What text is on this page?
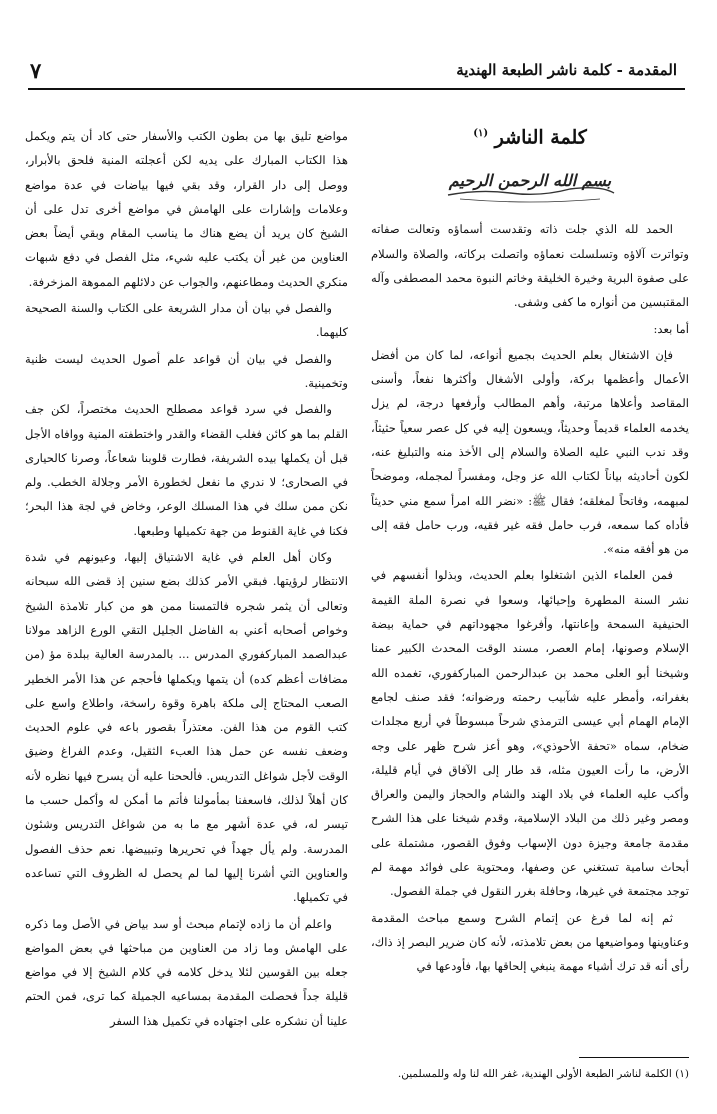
المقدمة - كلمة ناشر الطبعة الهندية
٧
كلمة الناشر $^{(١)}$
بسم الله الرحمن الرحيم

الحمد لله الذي جلت ذاته وتقدست أسماؤه وتعالت صفاته وتواترت آلاؤه وتسلسلت نعماؤه واتصلت بركاته، والصلاة والسلام على صفوة البرية وخيرة الخليقة وخاتم النبوة محمد المصطفى وآله المقتبسين من أنواره ما كفى وشفى.

أما بعد:

فإن الاشتغال بعلم الحديث بجميع أنواعه، لما كان من أفضل الأعمال وأعظمها بركة، وأولى الأشغال وأكثرها نفعاً، وأسنى المقاصد وأعلاها مرتبة، وأهم المطالب وأرفعها درجة، لم يزل يخدمه العلماء قديماً وحديثاً، ويسعون إليه في كل عصر سعياً حثيثاً، وقد ندب النبي عليه الصلاة والسلام إلى الأخذ منه والتبليغ عنه، لكون أحاديثه بياناً لكتاب الله عز وجل، ومفسراً لمجمله، وموضحاً لمبهمه، وفاتحاً لمغلقه؛ فقال ﷺ: «نضر الله امرأ سمع مني حديثاً فأداه كما سمعه، فرب حامل فقه غير فقيه، ورب حامل فقه إلى من هو أفقه منه».

فمن العلماء الذين اشتغلوا بعلم الحديث، وبذلوا أنفسهم في نشر السنة المطهرة وإحيائها، وسعوا في نصرة الملة القيمة الحنيفية السمحة وإعانتها، وأفرغوا مجهوداتهم في حماية بيضة الإسلام وصونها، إمام العصر، مسند الوقت المحدث الكبير عمنا وشيخنا أبو العلى محمد بن عبدالرحمن المباركفوري، تغمده الله بغفرانه، وأمطر عليه شآبيب رحمته ورضوانه؛ فقد صنف لجامع الإمام الهمام أبي عيسى الترمذي شرحاً مبسوطاً في أربع مجلدات ضخام، سماه «تحفة الأحوذي»، وهو أعز شرح ظهر على وجه الأرض، ما رأت العيون مثله، قد طار إلى الآفاق في أيام قليلة، وأكب عليه العلماء في بلاد الهند والشام والحجاز واليمن والعراق ومصر وغير ذلك من البلاد الإسلامية، وقدم شيخنا على هذا الشرح مقدمة جامعة وجيزة دون الإسهاب وفوق القصور، مشتملة على أبحاث سامية تستغني عن وصفها، ومحتوية على فوائد مهمة لم توجد مجتمعة في غيرها، وحافلة بغرر النقول في جملة الفصول.

ثم إنه لما فرغ عن إتمام الشرح وسمع مباحث المقدمة وعناوينها ومواضيعها من بعض تلامذته، لأنه كان ضرير البصر إذ ذاك، رأى أنه قد ترك أشياء مهمة ينبغي إلحاقها بها، فأودعها في

مواضع تليق بها من بطون الكتب والأسفار حتى كاد أن يتم ويكمل هذا الكتاب المبارك على يديه لكن أعجلته المنية فلحق بالأبرار، ووصل إلى دار القرار، وقد بقي فيها بياضات في عدة مواضع وعلامات وإشارات على الهامش في مواضع أخرى تدل على أن الشيخ كان يريد أن يضع هناك ما يناسب المقام وبقي أيضاً بعض العناوين من غير أن يكتب عليه شيء، مثل الفصل في دفع شبهات منكري الحديث ومطاعنهم، والجواب عن دلائلهم المموهة المزخرفة.

والفصل في بيان أن مدار الشريعة على الكتاب والسنة الصحيحة كليهما.

والفصل في بيان أن قواعد علم أصول الحديث ليست ظنية وتخمينية.

والفصل في سرد قواعد مصطلح الحديث مختصراً، لكن جف القلم بما هو كائن فغلب القضاء والقدر واختطفته المنية ووافاه الأجل قبل أن يكملها بيده الشريفة، فطارت قلوبنا شعاعاً، وصرنا كالحيارى في الصحارى؛ لا ندري ما نفعل لخطورة الأمر وجلالة الخطب. ولم نكن ممن سلك في هذا المسلك الوعر، وخاض في لجة هذا البحر؛ فكنا في غاية القنوط من جهة تكميلها وطبعها.

وكان أهل العلم في غاية الاشتياق إليها، وعيونهم في شدة الانتظار لرؤيتها. فبقي الأمر كذلك بضع سنين إذ قضى الله سبحانه وتعالى أن يثمر شجره فالتمسنا ممن هو من كبار تلامذة الشيخ وخواص أصحابه أعني به الفاضل الجليل التقي الورع الزاهد مولانا عبدالصمد المباركفوري المدرس ... بالمدرسة العالية ببلدة مؤ (من مضافات أعظم كده) أن يتمها ويكملها فأحجم عن هذا الأمر الخطير الصعب المحتاج إلى ملكة باهرة وقوة راسخة، واطلاع واسع على كتب القوم من هذا الفن. معتذراً بقصور باعه في علوم الحديث وضعف نفسه عن حمل هذا العبء الثقيل، وعدم الفراغ وضيق الوقت لأجل شواغل التدريس. فألححنا عليه أن يسرح فيها نظره لأنه كان أهلاً لذلك، فاسعفنا بمأمولنا فأتم ما أمكن له وأكمل حسب ما تيسر له، في عدة أشهر مع ما به من شواغل التدريس وشئون المدرسة. ولم يأل جهداً في تحريرها وتبييضها. نعم حذف الفصول والعناوين التي أشرنا إليها لما لم يحصل له الظروف التي تساعده في تكميلها.

واعلم أن ما زاده لإتمام مبحث أو سد بياض في الأصل وما ذكره على الهامش وما زاد من العناوين من مباحثها في بعض المواضع جعله بين القوسين لئلا يدخل كلامه في كلام الشيخ إلا في مواضع قليلة جداً فحصلت المقدمة بمساعيه الجميلة كما ترى، فمن الحتم علينا أن نشكره على اجتهاده في تكميل هذا السفر

(١) الكلمة لناشر الطبعة الأولى الهندية، غفر الله لنا وله وللمسلمين.
